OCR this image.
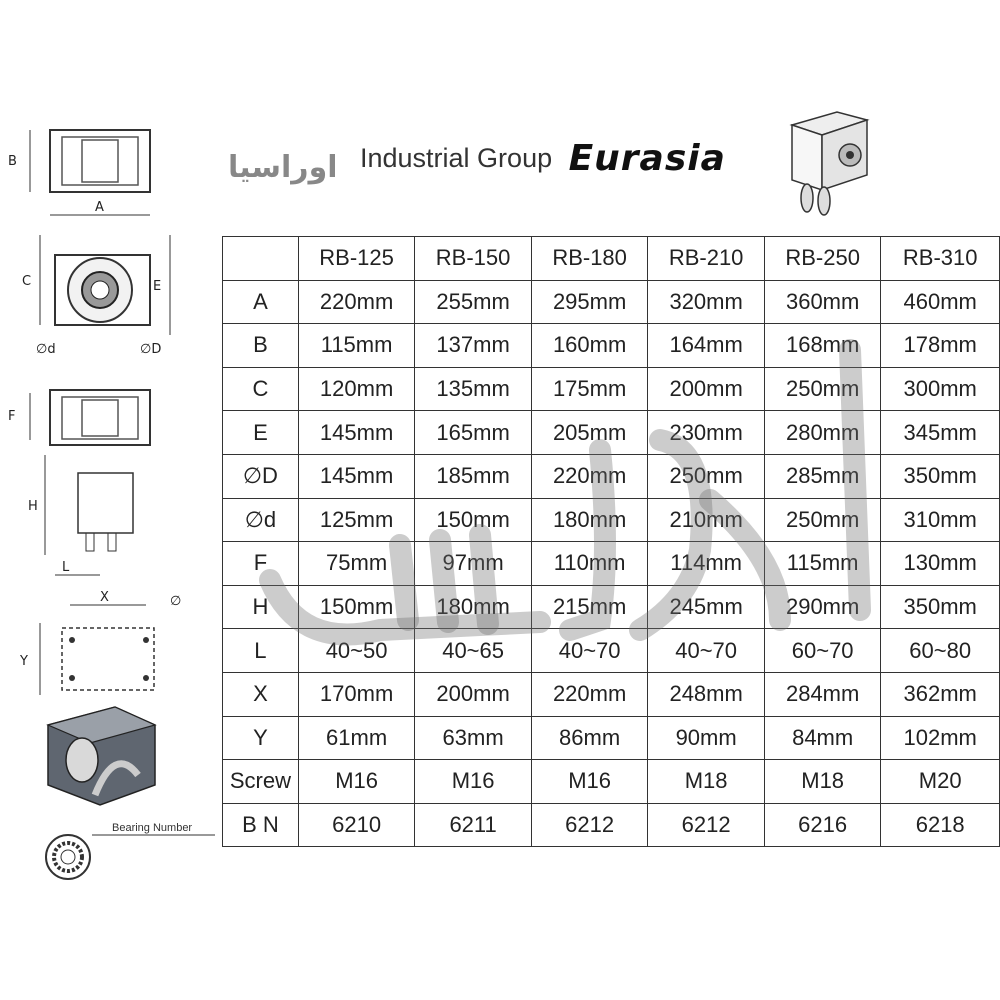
Industrial Group Eurasia
اوراسیا
B
A
C	E
∅d	∅D
F
H
L
X
Y
∅
Bearing Number
	RB-125	RB-150	RB-180	RB-210	RB-250	RB-310
A	220mm	255mm	295mm	320mm	360mm	460mm
B	115mm	137mm	160mm	164mm	168mm	178mm
C	120mm	135mm	175mm	200mm	250mm	300mm
E	145mm	165mm	205mm	230mm	280mm	345mm
∅D	145mm	185mm	220mm	250mm	285mm	350mm
∅d	125mm	150mm	180mm	210mm	250mm	310mm
F	75mm	97mm	110mm	114mm	115mm	130mm
H	150mm	180mm	215mm	245mm	290mm	350mm
L	40~50	40~65	40~70	40~70	60~70	60~80
X	170mm	200mm	220mm	248mm	284mm	362mm
Y	61mm	63mm	86mm	90mm	84mm	102mm
Screw	M16	M16	M16	M18	M18	M20
B N	6210	6211	6212	6212	6216	6218
